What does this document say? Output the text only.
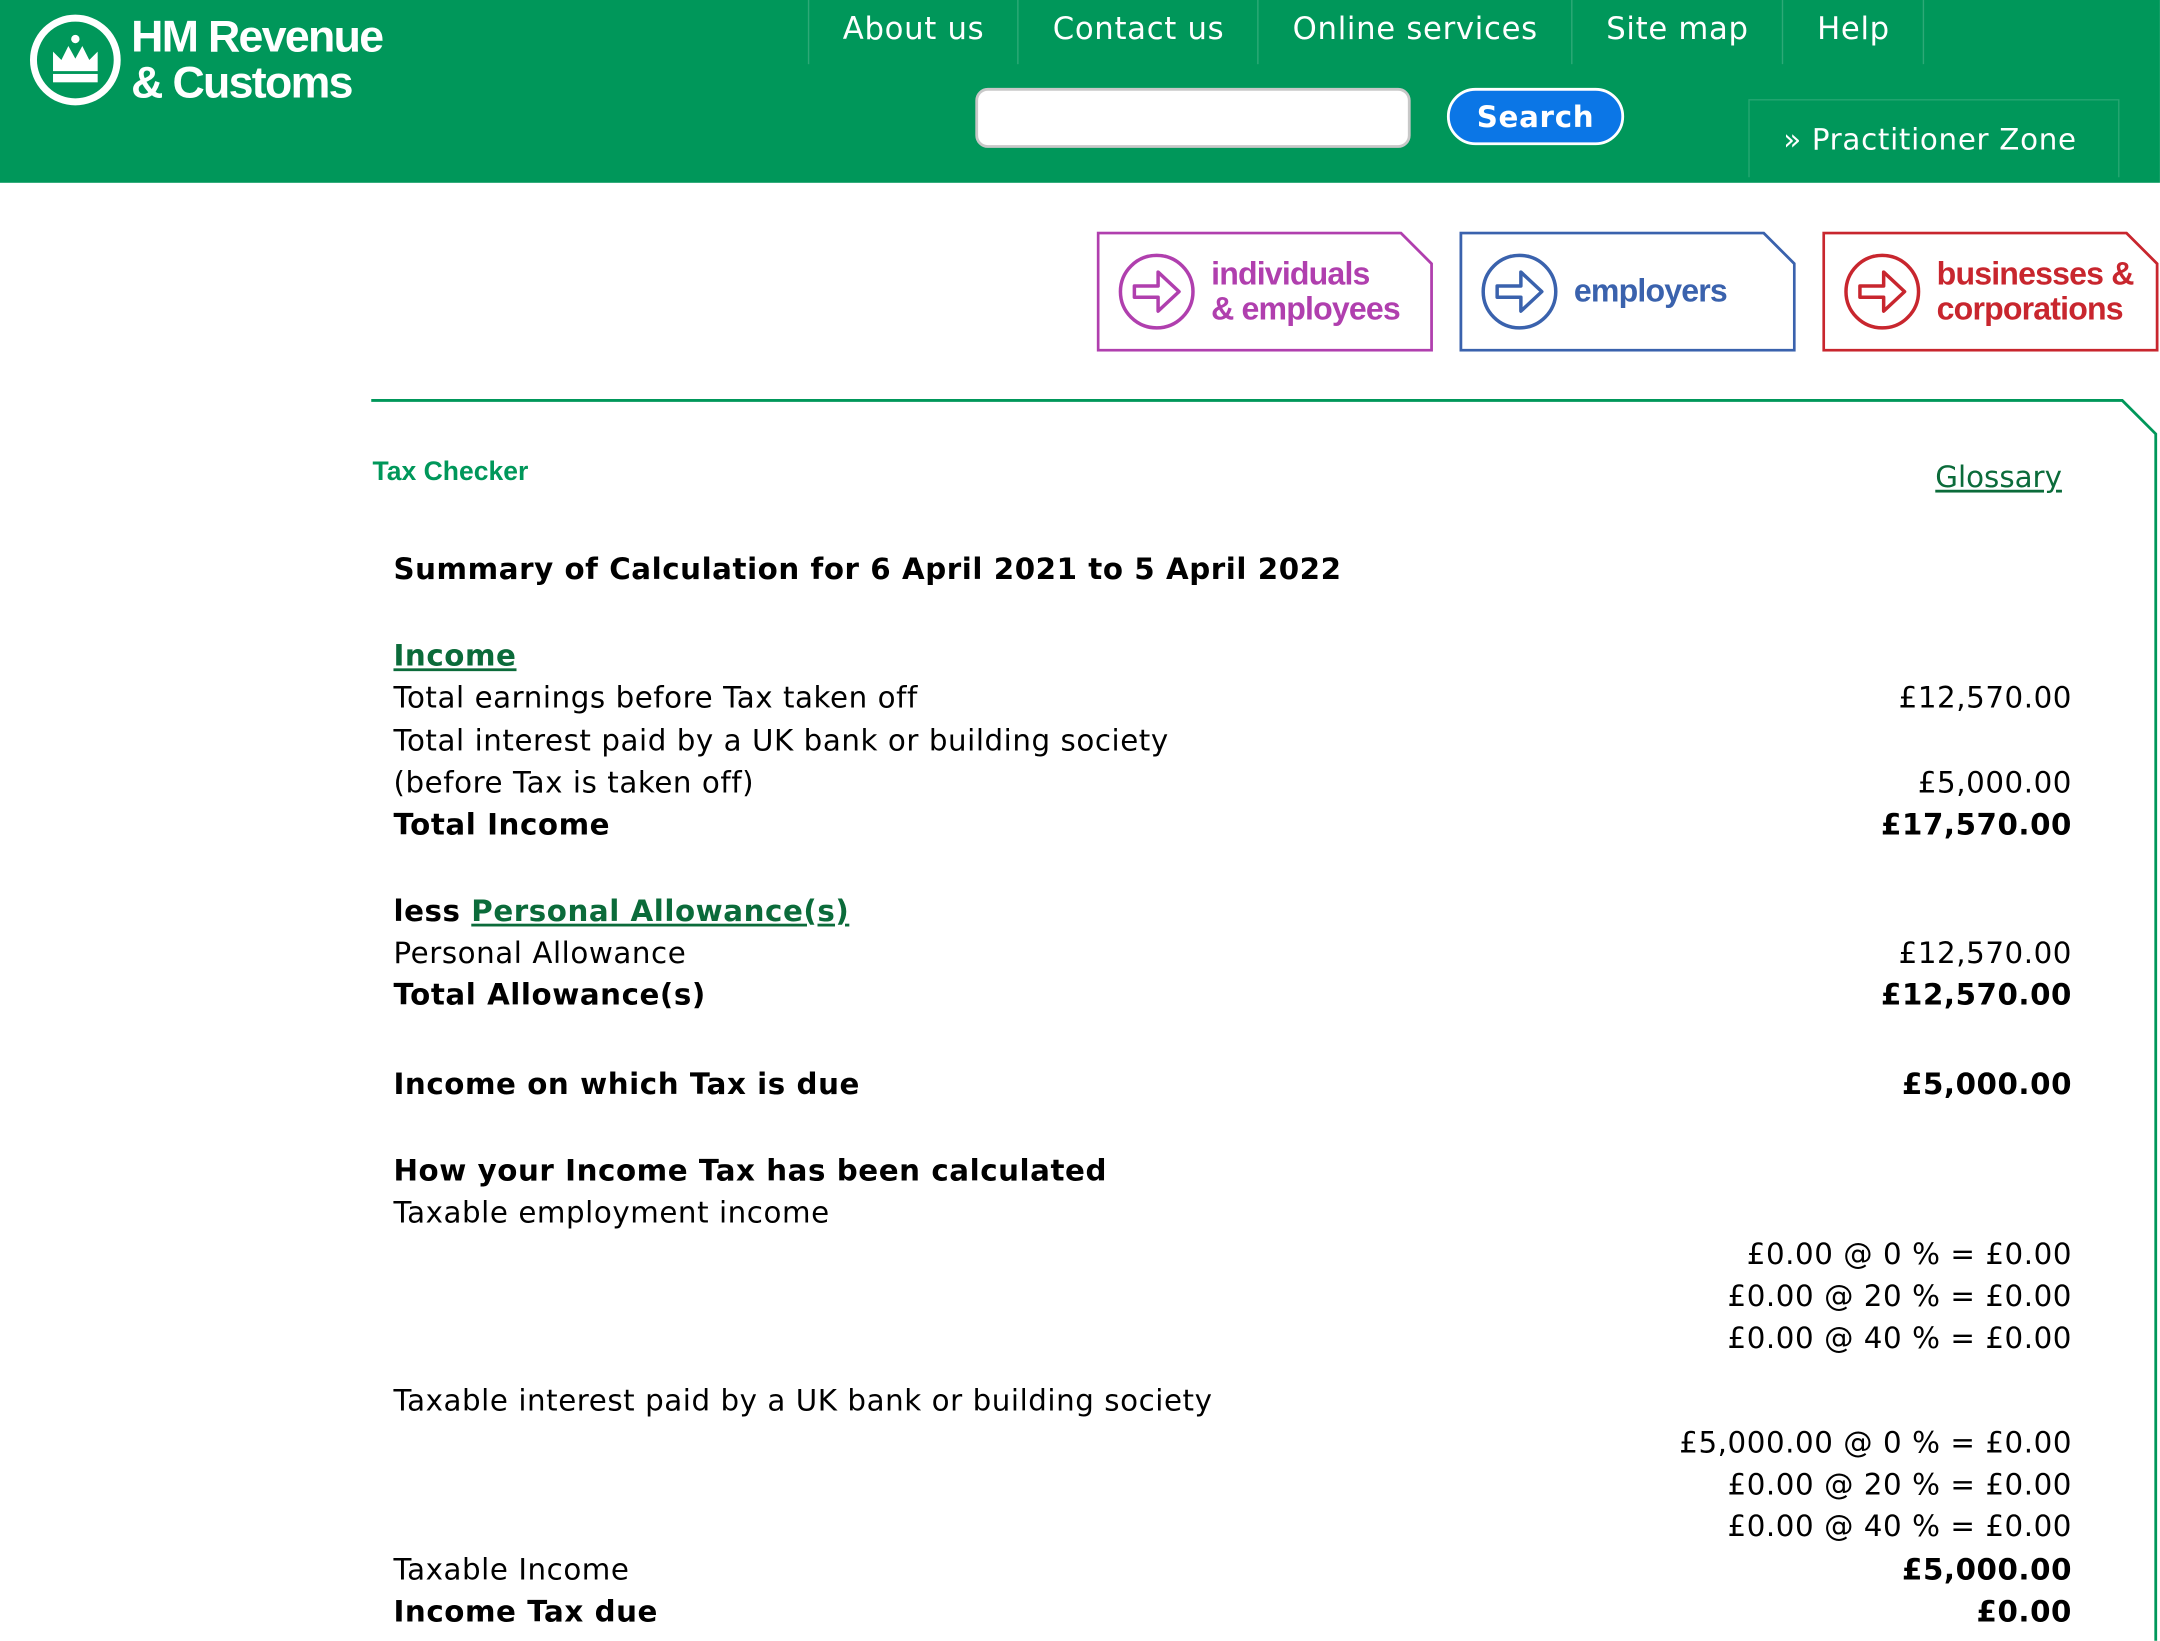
HM Revenue
& Customs
About us	Contact us	Online services	Site map	Help
Search
» Practitioner Zone
individuals
& employees
employers	businesses &
corporations
Tax Checker	Glossary
Summary of Calculation for 6 April 2021 to 5 April 2022
Income
Total earnings before Tax taken off	£12,570.00
Total interest paid by a UK bank or building society
(before Tax is taken off)	£5,000.00
Total Income	£17,570.00
less Personal Allowance(s)
Personal Allowance	£12,570.00
Total Allowance(s)	£12,570.00
Income on which Tax is due	£5,000.00
How your Income Tax has been calculated
Taxable employment income
£0.00 @ 0 % = £0.00
£0.00 @ 20 % = £0.00
£0.00 @ 40 % = £0.00
Taxable interest paid by a UK bank or building society
£5,000.00 @ 0 % = £0.00
£0.00 @ 20 % = £0.00
£0.00 @ 40 % = £0.00
Taxable Income	£5,000.00
Income Tax due	£0.00
